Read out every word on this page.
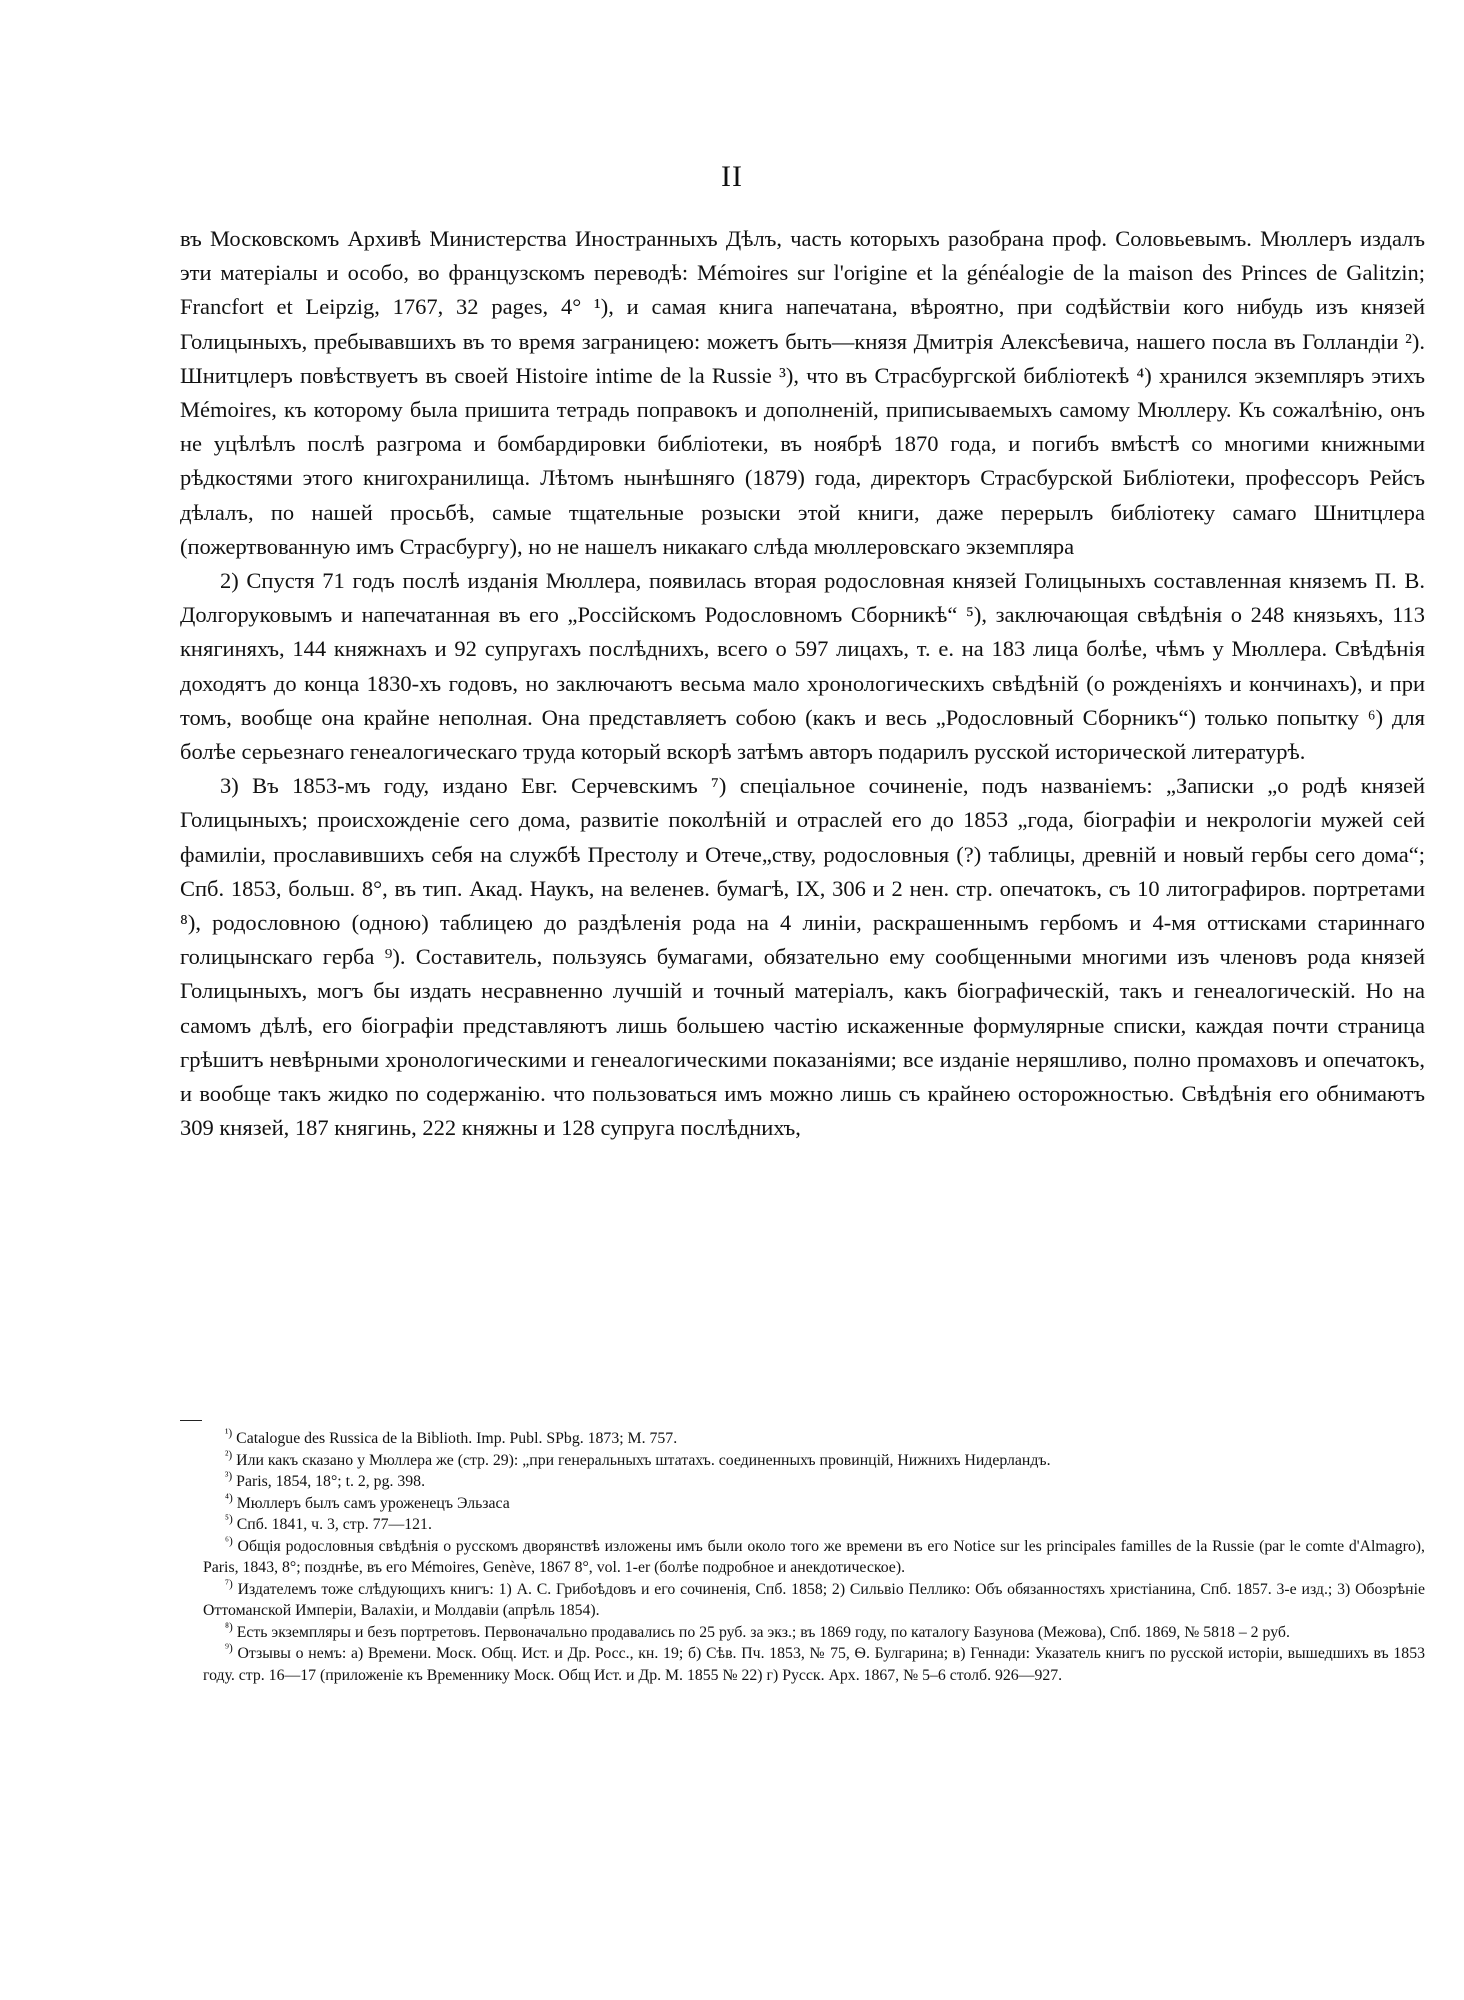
II

въ Московскомъ Архивѣ Министерства Иностранныхъ Дѣлъ, часть которыхъ разобрана проф. Соловьевымъ. Мюллеръ издалъ эти матеріалы и особо, во французскомъ переводѣ: Mémoires sur l'origine et la généalogie de la maison des Princes de Galitzin; Francfort et Leipzig, 1767, 32 pages, 4° ¹), и самая книга напечатана, вѣроятно, при содѣйствіи кого нибудь изъ князей Голицыныхъ, пребывавшихъ въ то время заграницею: можетъ быть—князя Дмитрія Алексѣевича, нашего посла въ Голландіи ²). Шнитцлеръ повѣствуетъ въ своей Histoire intime de la Russie ³), что въ Страсбургской библіотекѣ ⁴) хранился экземпляръ этихъ Mémoires, къ которому была пришита тетрадь поправокъ и дополненій, приписываемыхъ самому Мюллеру. Къ сожалѣнію, онъ не уцѣлѣлъ послѣ разгрома и бомбардировки библіотеки, въ ноябрѣ 1870 года, и погибъ вмѣстѣ со многими книжными рѣдкостями этого книгохранилища. Лѣтомъ нынѣшняго (1879) года, директоръ Страсбурской Библіотеки, профессоръ Рейсъ дѣлалъ, по нашей просьбѣ, самые тщательные розыски этой книги, даже перерылъ библіотеку самаго Шнитцлера (пожертвованную имъ Страсбургу), но не нашелъ никакаго слѣда мюллеровскаго экземпляра

2) Спустя 71 годъ послѣ изданія Мюллера, появилась вторая родословная князей Голицыныхъ составленная княземъ П. В. Долгоруковымъ и напечатанная въ его „Россійскомъ Родословномъ Сборникѣ“ ⁵), заключающая свѣдѣнія о 248 князьяхъ, 113 княгиняхъ, 144 княжнахъ и 92 супругахъ послѣднихъ, всего о 597 лицахъ, т. е. на 183 лица болѣе, чѣмъ у Мюллера. Свѣдѣнія доходятъ до конца 1830-хъ годовъ, но заключаютъ весьма мало хронологическихъ свѣдѣній (о рожденіяхъ и кончинахъ), и при томъ, вообще она крайне неполная. Она представляетъ собою (какъ и весь „Родословный Сборникъ“) только попытку ⁶) для болѣе серьезнаго генеалогическаго труда который вскорѣ затѣмъ авторъ подарилъ русской исторической литературѣ.

3) Въ 1853-мъ году, издано Евг. Серчевскимъ ⁷) спеціальное сочиненіе, подъ названіемъ: „Записки „о родѣ князей Голицыныхъ; происхожденіе сего дома, развитіе поколѣній и отраслей его до 1853 „года, біографіи и некрологіи мужей сей фамиліи, прославившихъ себя на службѣ Престолу и Отече„ству, родословныя (?) таблицы, древній и новый гербы сего дома“; Спб. 1853, больш. 8°, въ тип. Акад. Наукъ, на веленев. бумагѣ, IX, 306 и 2 нен. стр. опечатокъ, съ 10 литографиров. портретами ⁸), родословною (одною) таблицею до раздѣленія рода на 4 линіи, раскрашеннымъ гербомъ и 4-мя оттисками стариннаго голицынскаго герба ⁹). Составитель, пользуясь бумагами, обязательно ему сообщенными многими изъ членовъ рода князей Голицыныхъ, могъ бы издать несравненно лучшій и точный матеріалъ, какъ біографическій, такъ и генеалогическій. Но на самомъ дѣлѣ, его біографіи представляютъ лишь большею частію искаженные формулярные списки, каждая почти страница грѣшитъ невѣрными хронологическими и генеалогическими показаніями; все изданіе неряшливо, полно промаховъ и опечатокъ, и вообще такъ жидко по содержанію. что пользоваться имъ можно лишь съ крайнею осторожностью. Свѣдѣнія его обнимаютъ 309 князей, 187 княгинь, 222 княжны и 128 супруга послѣднихъ,

$^{^1)}$ Catalogue des Russica de la Biblioth. Imp. Publ. SPbg. 1873; M. 757.

$^{^2)}$ Или какъ сказано у Мюллера же (стр. 29): „при генеральныхъ штатахъ. соединенныхъ провинцій, Нижнихъ Нидерландъ.

$^{^3)}$ Paris, 1854, 18°; t. 2, pg. 398.

$^{^4)}$ Мюллеръ былъ самъ уроженецъ Эльзаса

$^{^5)}$ Спб. 1841, ч. 3, стр. 77—121.

$^{^6)}$ Общія родословныя свѣдѣнія о русскомъ дворянствѣ изложены имъ были около того же времени въ его Notice sur les principales familles de la Russie (par le comte d'Almagro), Paris, 1843, 8°; позднѣе, въ его Mémoires, Genève, 1867 8°, vol. 1-er (болѣе подробное и анекдотическое).

$^{^7)}$ Издателемъ тоже слѣдующихъ книгъ: 1) А. С. Грибоѣдовъ и его сочиненія, Спб. 1858; 2) Сильвіо Пеллико: Объ обязанностяхъ христіанина, Спб. 1857. 3-е изд.; 3) Обозрѣніе Оттоманской Имперіи, Валахіи, и Молдавіи (апрѣль 1854).

$^{^8)}$ Есть экземпляры и безъ портретовъ. Первоначально продавались по 25 руб. за экз.; въ 1869 году, по каталогу Базунова (Межова), Спб. 1869, № 5818 – 2 руб.

$^{^9)}$ Отзывы о немъ: а) Времени. Моск. Общ. Ист. и Др. Росс., кн. 19; б) Сѣв. Пч. 1853, № 75, Ѳ. Булгарина; в) Геннади: Указатель книгъ по русской исторіи, вышедшихъ въ 1853 году. стр. 16—17 (приложеніе къ Временнику Моск. Общ Ист. и Др. М. 1855 № 22) г) Русск. Арх. 1867, № 5–6 столб. 926—927.
